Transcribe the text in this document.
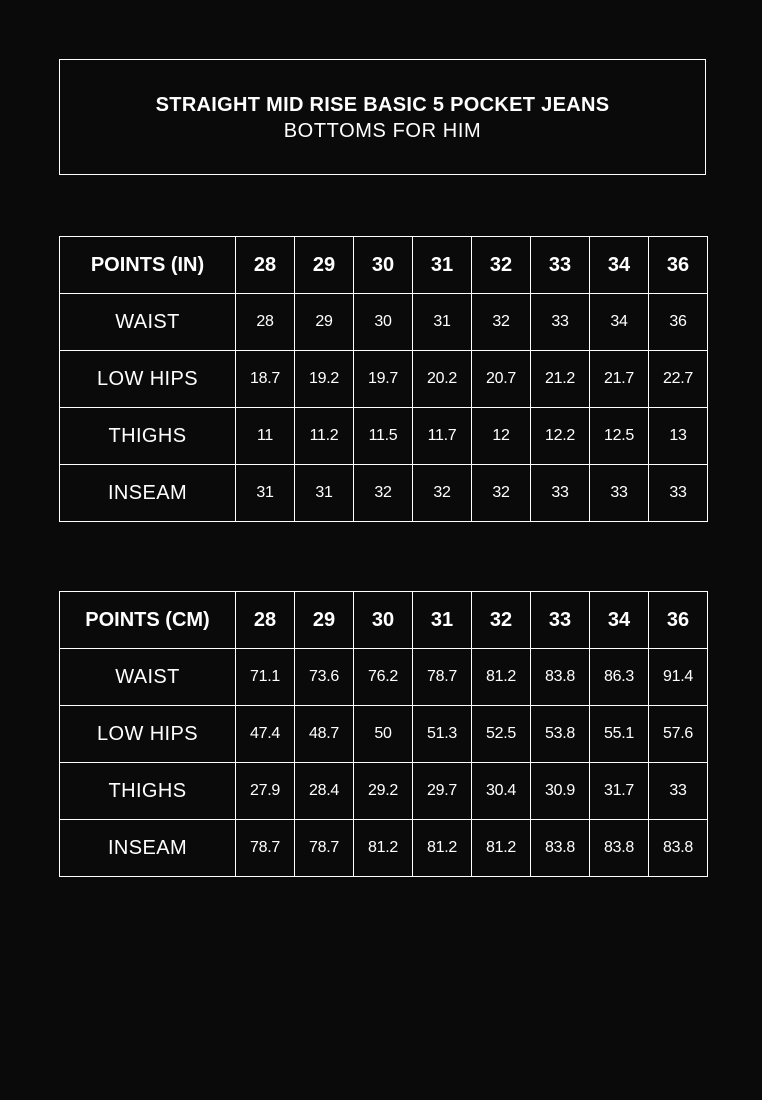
STRAIGHT MID RISE BASIC 5 POCKET JEANS
BOTTOMS FOR HIM
POINTS (IN)	28	29	30	31	32	33	34	36
WAIST	28	29	30	31	32	33	34	36
LOW HIPS	18.7	19.2	19.7	20.2	20.7	21.2	21.7	22.7
THIGHS	11	11.2	11.5	11.7	12	12.2	12.5	13
INSEAM	31	31	32	32	32	33	33	33
POINTS (CM)	28	29	30	31	32	33	34	36
WAIST	71.1	73.6	76.2	78.7	81.2	83.8	86.3	91.4
LOW HIPS	47.4	48.7	50	51.3	52.5	53.8	55.1	57.6
THIGHS	27.9	28.4	29.2	29.7	30.4	30.9	31.7	33
INSEAM	78.7	78.7	81.2	81.2	81.2	83.8	83.8	83.8
